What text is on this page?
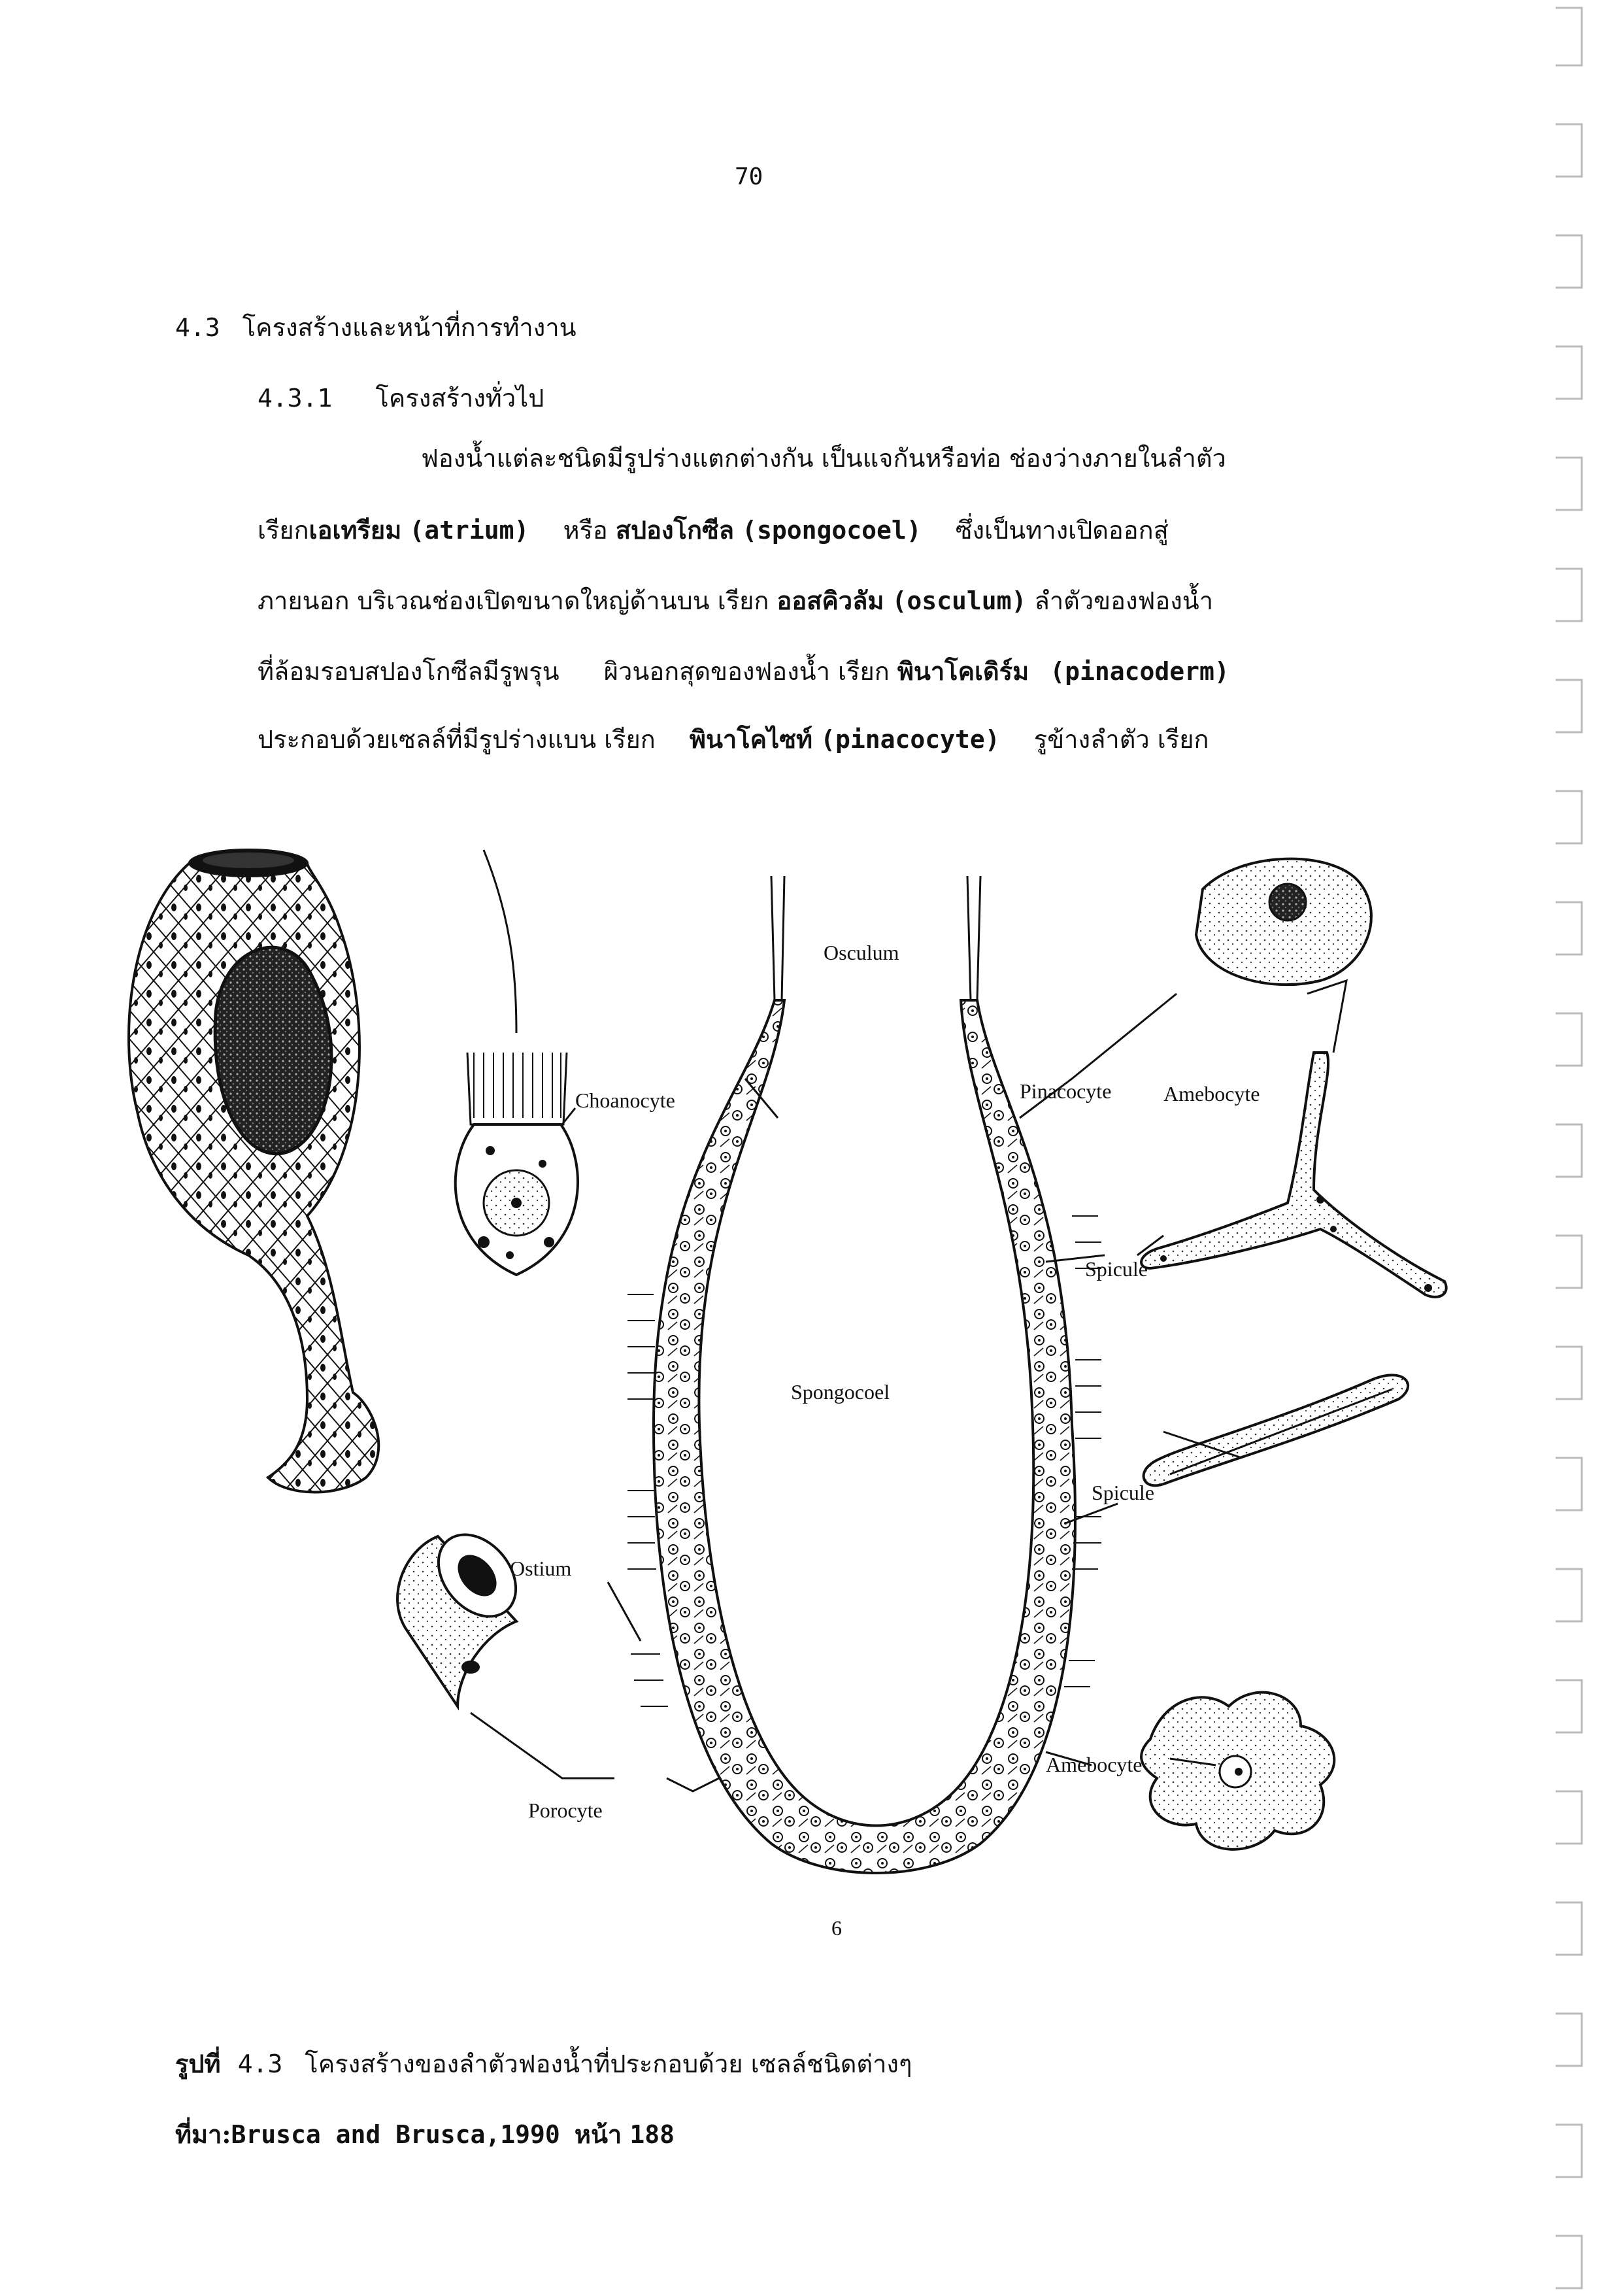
70
4.3 โครงสร้างและหน้าที่การทำงาน
4.3.1 โครงสร้างทั่วไป
ฟองน้ำแต่ละชนิดมีรูปร่างแตกต่างกัน เป็นแจกันหรือท่อ ช่องว่างภายในลำตัว
เรียกเอเทรียม (atrium) หรือ สปองโกซีล (spongocoel) ซึ่งเป็นทางเปิดออกสู่
ภายนอก บริเวณช่องเปิดขนาดใหญ่ด้านบน เรียก ออสคิวลัม (osculum) ลำตัวของฟองน้ำ
ที่ล้อมรอบสปองโกซีลมีรูพรุน ผิวนอกสุดของฟองน้ำ เรียก พินาโคเดิร์ม (pinacoderm)
ประกอบด้วยเซลล์ที่มีรูปร่างแบน เรียก พินาโคไซท์ (pinacocyte) รูข้างลำตัว เรียก
Osculum
Choanocyte	Pinacocyte Amebocyte
Spicule
Spongocoel
Spicule
Ostium
Porocyte
Amebocyte
6
รูปที่ 4.3 โครงสร้างของลำตัวฟองน้ำที่ประกอบด้วย เซลล์ชนิดต่างๆ
ที่มา:Brusca and Brusca,1990 หน้า 188
